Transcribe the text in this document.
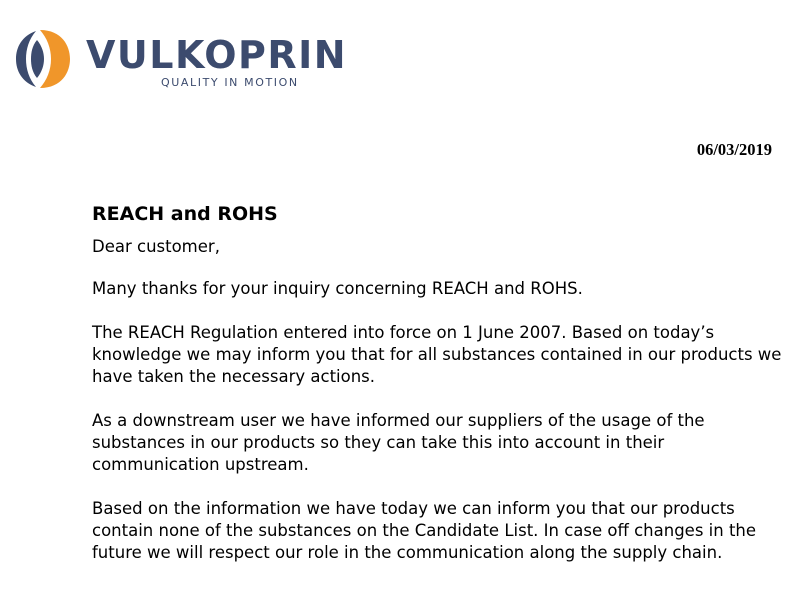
VULKOPRIN
QUALITY IN MOTION
06/03/2019
REACH and ROHS

Dear customer,

Many thanks for your inquiry concerning REACH and ROHS.

The REACH Regulation entered into force on 1 June 2007. Based on today’s knowledge we may inform you that for all substances contained in our products we have taken the necessary actions.

As a downstream user we have informed our suppliers of the usage of the substances in our products so they can take this into account in their communication upstream.

Based on the information we have today we can inform you that our products contain none of the substances on the Candidate List. In case off changes in the future we will respect our role in the communication along the supply chain.
